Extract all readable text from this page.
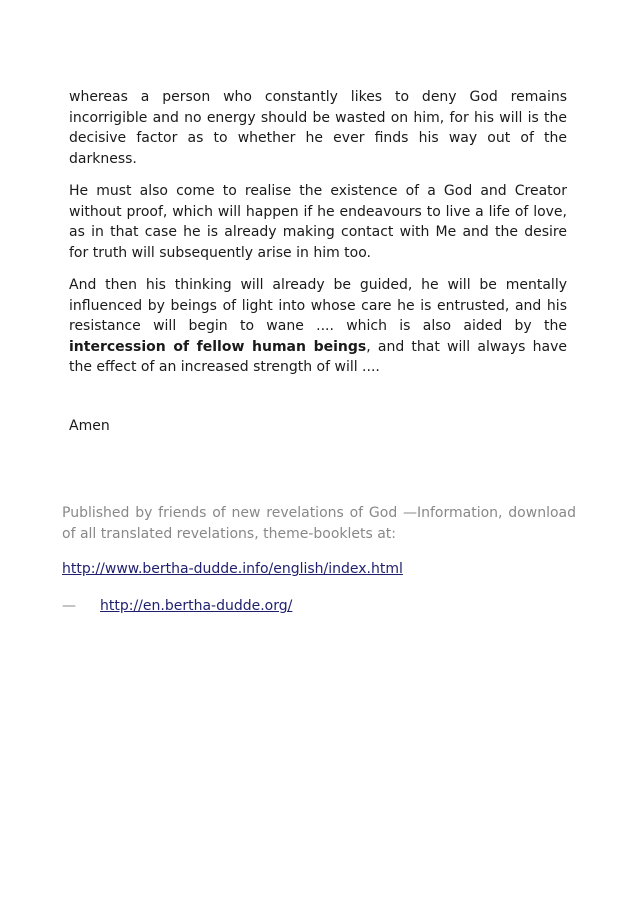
whereas a person who constantly likes to deny God remains incorrigible and no energy should be wasted on him, for his will is the decisive factor as to whether he ever finds his way out of the darkness.

He must also come to realise the existence of a God and Creator without proof, which will happen if he endeavours to live a life of love, as in that case he is already making contact with Me and the desire for truth will subsequently arise in him too.

And then his thinking will already be guided, he will be mentally influenced by beings of light into whose care he is entrusted, and his resistance will begin to wane .... which is also aided by the intercession of fellow human beings, and that will always have the effect of an increased strength of will ....

Amen

Published by friends of new revelations of God —Information, download of all translated revelations, theme-booklets at:

http://www.bertha-dudde.info/english/index.html
—	http://en.bertha-dudde.org/
